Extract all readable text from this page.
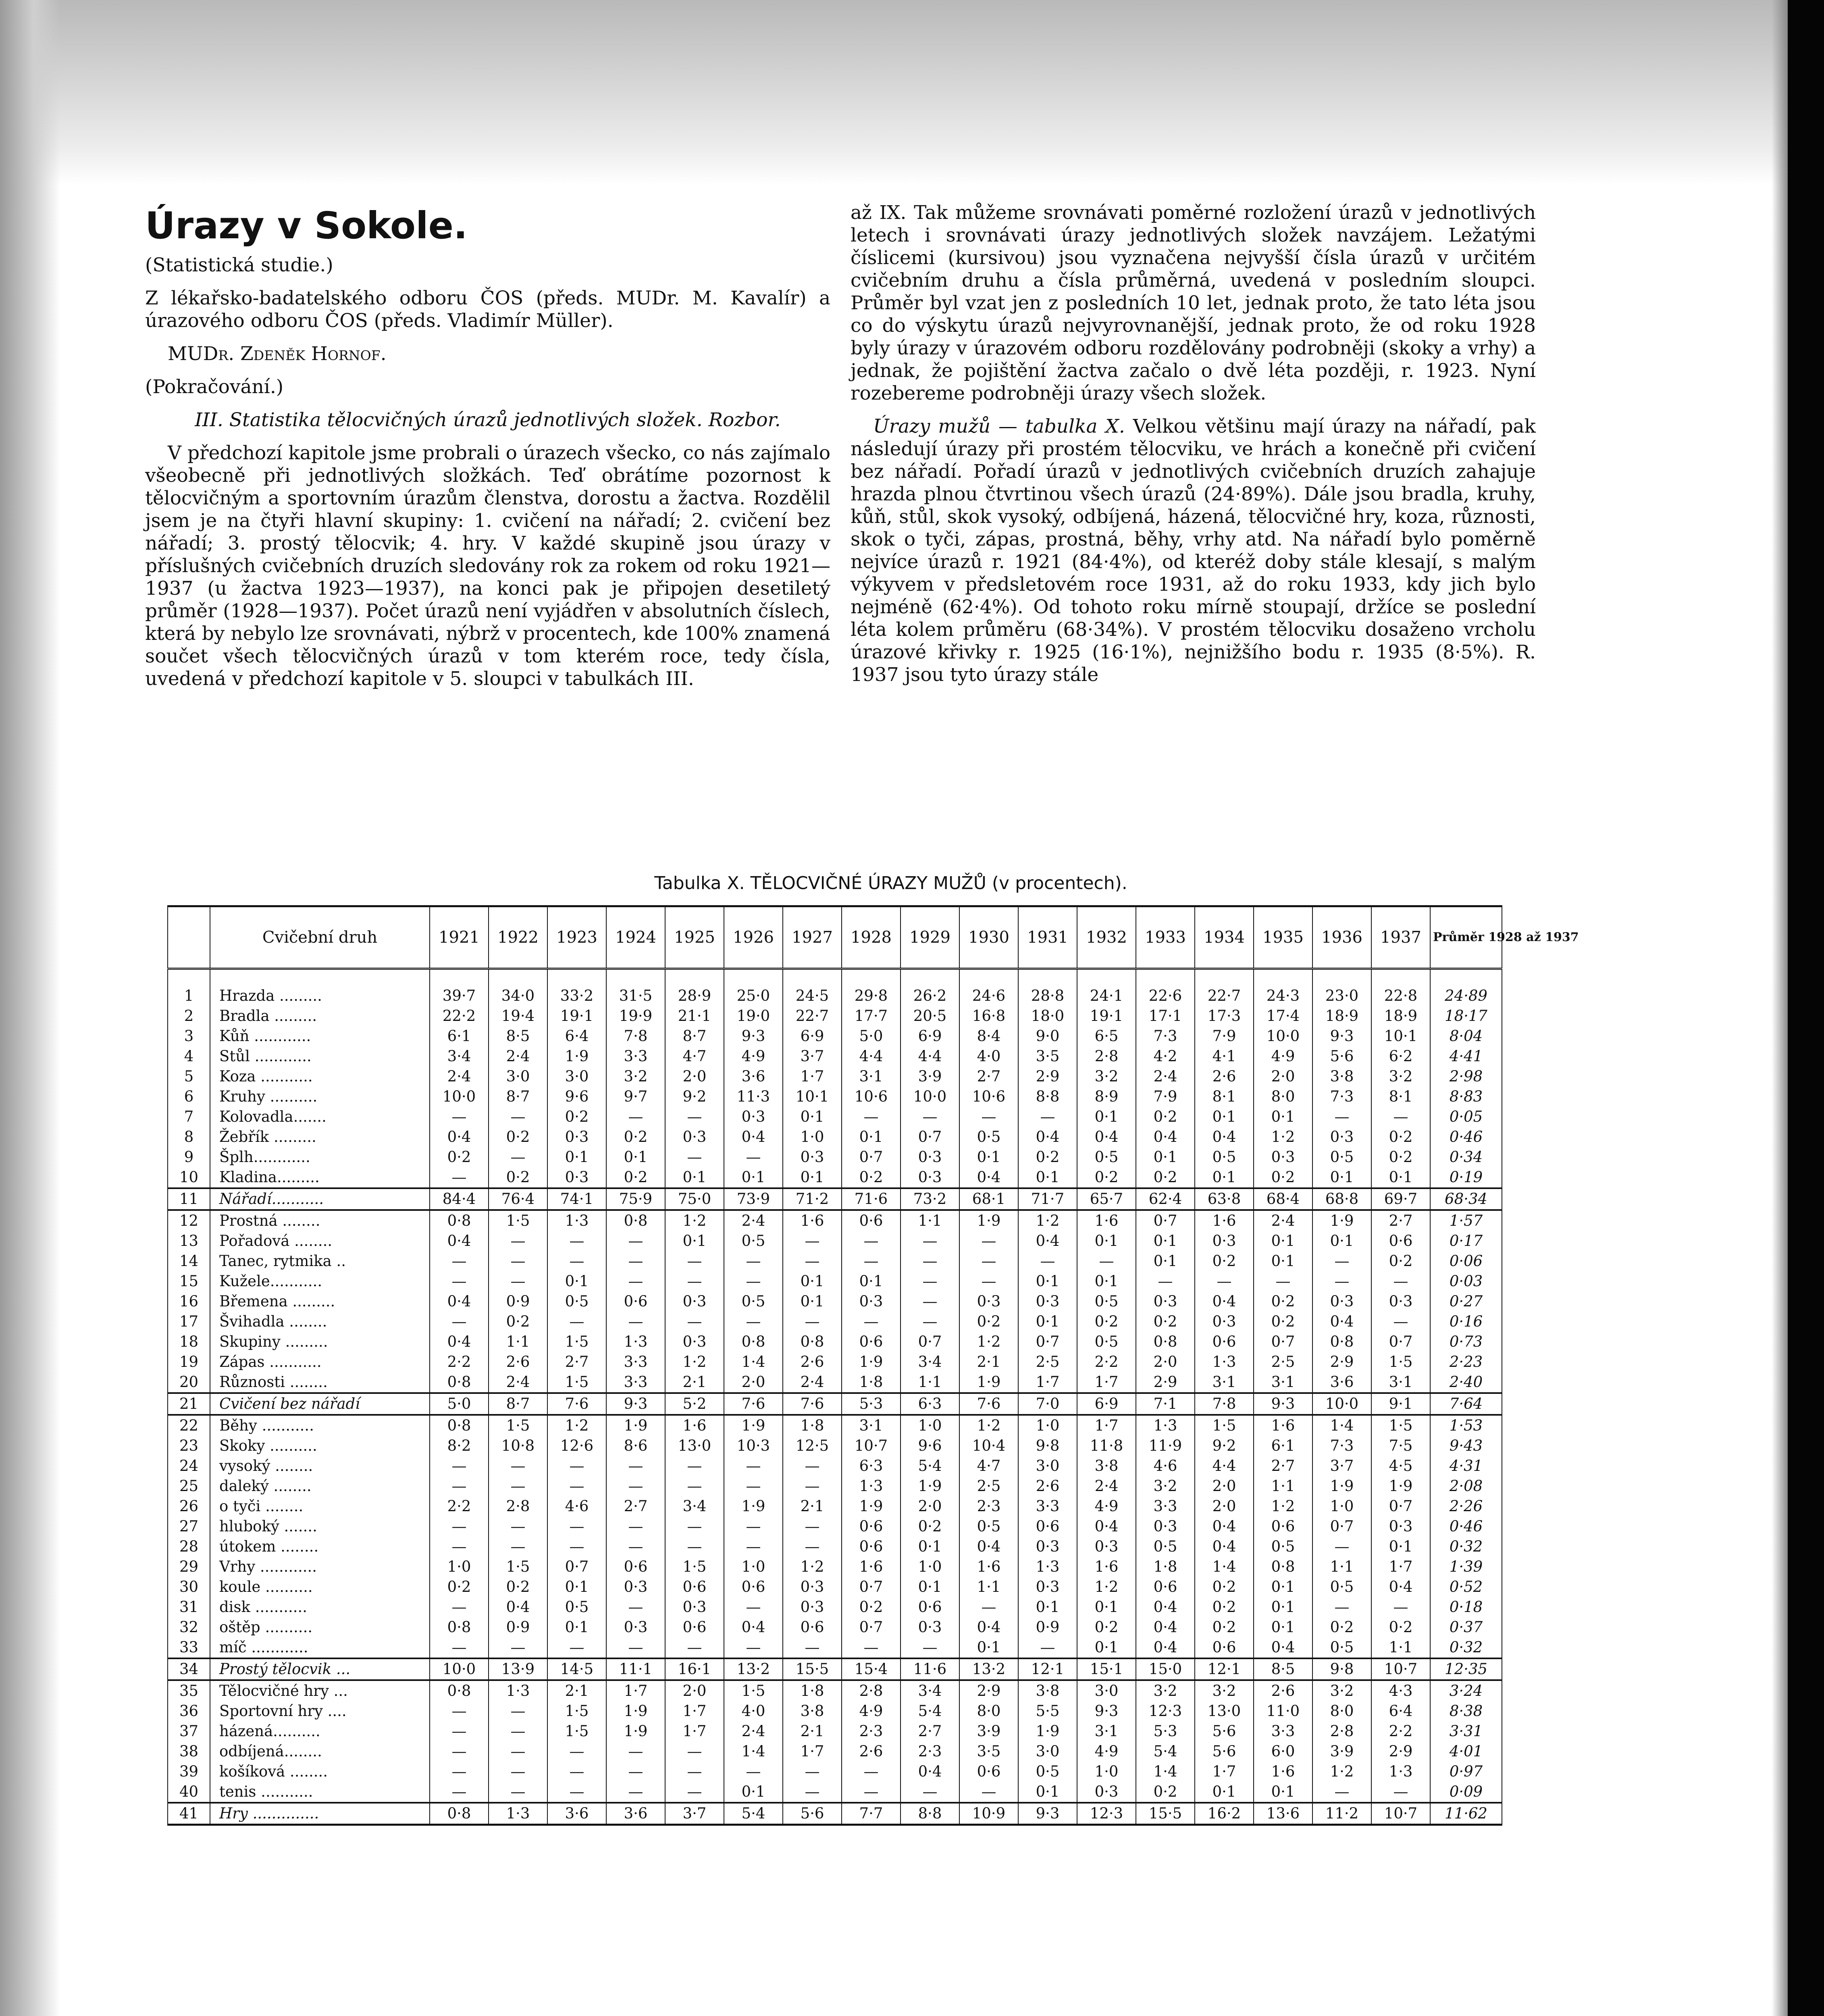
Úrazy v Sokole.

(Statistická studie.)

Z lékařsko-badatelského odboru ČOS (předs. MUDr. M. Kavalír) a úrazového odboru ČOS (předs. Vladimír Müller).

MUDr. Zdeněk Hornof.

(Pokračování.)

III. Statistika tělocvičných úrazů jednotlivých složek. Rozbor.

V předchozí kapitole jsme probrali o úrazech všecko, co nás zajímalo všeobecně při jednotlivých složkách. Teď obrátíme pozornost k tělocvičným a sportovním úrazům členstva, dorostu a žactva. Rozdělil jsem je na čtyři hlavní skupiny: 1. cvičení na nářadí; 2. cvičení bez nářadí; 3. prostý tělocvik; 4. hry. V každé skupině jsou úrazy v příslušných cvičebních druzích sledovány rok za rokem od roku 1921—1937 (u žactva 1923—1937), na konci pak je připojen desetiletý průměr (1928—1937). Počet úrazů není vyjádřen v absolutních číslech, která by nebylo lze srovnávati, nýbrž v procentech, kde 100% znamená součet všech tělocvičných úrazů v tom kterém roce, tedy čísla, uvedená v předchozí kapitole v 5. sloupci v tabulkách III.

až IX. Tak můžeme srovnávati poměrné rozložení úrazů v jednotlivých letech i srovnávati úrazy jednotlivých složek navzájem. Ležatými číslicemi (kursivou) jsou vyznačena nejvyšší čísla úrazů v určitém cvičebním druhu a čísla průměrná, uvedená v posledním sloupci. Průměr byl vzat jen z posledních 10 let, jednak proto, že tato léta jsou co do výskytu úrazů nejvyrovnanější, jednak proto, že od roku 1928 byly úrazy v úrazovém odboru rozdělovány podrobněji (skoky a vrhy) a jednak, že pojištění žactva začalo o dvě léta později, r. 1923. Nyní rozebereme podrobněji úrazy všech složek.

Úrazy mužů — tabulka X. Velkou většinu mají úrazy na nářadí, pak následují úrazy při prostém tělocviku, ve hrách a konečně při cvičení bez nářadí. Pořadí úrazů v jednotlivých cvičebních druzích zahajuje hrazda plnou čtvrtinou všech úrazů (24·89%). Dále jsou bradla, kruhy, kůň, stůl, skok vysoký, odbíjená, házená, tělocvičné hry, koza, různosti, skok o tyči, zápas, prostná, běhy, vrhy atd. Na nářadí bylo poměrně nejvíce úrazů r. 1921 (84·4%), od kteréž doby stále klesají, s malým výkyvem v předsletovém roce 1931, až do roku 1933, kdy jich bylo nejméně (62·4%). Od tohoto roku mírně stoupají, držíce se poslední léta kolem průměru (68·34%). V prostém tělocviku dosaženo vrcholu úrazové křivky r. 1925 (16·1%), nejnižšího bodu r. 1935 (8·5%). R. 1937 jsou tyto úrazy stále

Tabulka X. TĚLOCVIČNÉ ÚRAZY MUŽŮ (v procentech).
	Cvičební druh	1921	1922	1923	1924	1925	1926	1927	1928	1929	1930	1931	1932	1933	1934	1935	1936	1937	Průměr 1928 až 1937
1	Hrazda .........	39·7	34·0	33·2	31·5	28·9	25·0	24·5	29·8	26·2	24·6	28·8	24·1	22·6	22·7	24·3	23·0	22·8	24·89
2	Bradla .........	22·2	19·4	19·1	19·9	21·1	19·0	22·7	17·7	20·5	16·8	18·0	19·1	17·1	17·3	17·4	18·9	18·9	18·17
3	Kůň ............	6·1	8·5	6·4	7·8	8·7	9·3	6·9	5·0	6·9	8·4	9·0	6·5	7·3	7·9	10·0	9·3	10·1	8·04
4	Stůl ............	3·4	2·4	1·9	3·3	4·7	4·9	3·7	4·4	4·4	4·0	3·5	2·8	4·2	4·1	4·9	5·6	6·2	4·41
5	Koza ...........	2·4	3·0	3·0	3·2	2·0	3·6	1·7	3·1	3·9	2·7	2·9	3·2	2·4	2·6	2·0	3·8	3·2	2·98
6	Kruhy ..........	10·0	8·7	9·6	9·7	9·2	11·3	10·1	10·6	10·0	10·6	8·8	8·9	7·9	8·1	8·0	7·3	8·1	8·83
7	Kolovadla.......	—	—	0·2	—	—	0·3	0·1	—	—	—	—	0·1	0·2	0·1	0·1	—	—	0·05
8	Žebřík .........	0·4	0·2	0·3	0·2	0·3	0·4	1·0	0·1	0·7	0·5	0·4	0·4	0·4	0·4	1·2	0·3	0·2	0·46
9	Šplh............	0·2	—	0·1	0·1	—	—	0·3	0·7	0·3	0·1	0·2	0·5	0·1	0·5	0·3	0·5	0·2	0·34
10	Kladina.........	—	0·2	0·3	0·2	0·1	0·1	0·1	0·2	0·3	0·4	0·1	0·2	0·2	0·1	0·2	0·1	0·1	0·19
11	Nářadí...........	84·4	76·4	74·1	75·9	75·0	73·9	71·2	71·6	73·2	68·1	71·7	65·7	62·4	63·8	68·4	68·8	69·7	68·34
12	Prostná ........	0·8	1·5	1·3	0·8	1·2	2·4	1·6	0·6	1·1	1·9	1·2	1·6	0·7	1·6	2·4	1·9	2·7	1·57
13	Pořadová ........	0·4	—	—	—	0·1	0·5	—	—	—	—	0·4	0·1	0·1	0·3	0·1	0·1	0·6	0·17
14	Tanec, rytmika ..	—	—	—	—	—	—	—	—	—	—	—	—	0·1	0·2	0·1	—	0·2	0·06
15	Kužele...........	—	—	0·1	—	—	—	0·1	0·1	—	—	0·1	0·1	—	—	—	—	—	0·03
16	Břemena .........	0·4	0·9	0·5	0·6	0·3	0·5	0·1	0·3	—	0·3	0·3	0·5	0·3	0·4	0·2	0·3	0·3	0·27
17	Švihadla ........	—	0·2	—	—	—	—	—	—	—	0·2	0·1	0·2	0·2	0·3	0·2	0·4	—	0·16
18	Skupiny .........	0·4	1·1	1·5	1·3	0·3	0·8	0·8	0·6	0·7	1·2	0·7	0·5	0·8	0·6	0·7	0·8	0·7	0·73
19	Zápas ...........	2·2	2·6	2·7	3·3	1·2	1·4	2·6	1·9	3·4	2·1	2·5	2·2	2·0	1·3	2·5	2·9	1·5	2·23
20	Různosti ........	0·8	2·4	1·5	3·3	2·1	2·0	2·4	1·8	1·1	1·9	1·7	1·7	2·9	3·1	3·1	3·6	3·1	2·40
21	Cvičení bez nářadí	5·0	8·7	7·6	9·3	5·2	7·6	7·6	5·3	6·3	7·6	7·0	6·9	7·1	7·8	9·3	10·0	9·1	7·64
22	Běhy ...........	0·8	1·5	1·2	1·9	1·6	1·9	1·8	3·1	1·0	1·2	1·0	1·7	1·3	1·5	1·6	1·4	1·5	1·53
23	Skoky ..........	8·2	10·8	12·6	8·6	13·0	10·3	12·5	10·7	9·6	10·4	9·8	11·8	11·9	9·2	6·1	7·3	7·5	9·43
24	vysoký ........	—	—	—	—	—	—	—	6·3	5·4	4·7	3·0	3·8	4·6	4·4	2·7	3·7	4·5	4·31
25	daleký ........	—	—	—	—	—	—	—	1·3	1·9	2·5	2·6	2·4	3·2	2·0	1·1	1·9	1·9	2·08
26	o tyči ........	2·2	2·8	4·6	2·7	3·4	1·9	2·1	1·9	2·0	2·3	3·3	4·9	3·3	2·0	1·2	1·0	0·7	2·26
27	hluboký .......	—	—	—	—	—	—	—	0·6	0·2	0·5	0·6	0·4	0·3	0·4	0·6	0·7	0·3	0·46
28	útokem ........	—	—	—	—	—	—	—	0·6	0·1	0·4	0·3	0·3	0·5	0·4	0·5	—	0·1	0·32
29	Vrhy ............	1·0	1·5	0·7	0·6	1·5	1·0	1·2	1·6	1·0	1·6	1·3	1·6	1·8	1·4	0·8	1·1	1·7	1·39
30	koule ..........	0·2	0·2	0·1	0·3	0·6	0·6	0·3	0·7	0·1	1·1	0·3	1·2	0·6	0·2	0·1	0·5	0·4	0·52
31	disk ...........	—	0·4	0·5	—	0·3	—	0·3	0·2	0·6	—	0·1	0·1	0·4	0·2	0·1	—	—	0·18
32	oštěp ..........	0·8	0·9	0·1	0·3	0·6	0·4	0·6	0·7	0·3	0·4	0·9	0·2	0·4	0·2	0·1	0·2	0·2	0·37
33	míč ............	—	—	—	—	—	—	—	—	—	0·1	—	0·1	0·4	0·6	0·4	0·5	1·1	0·32
34	Prostý tělocvik ...	10·0	13·9	14·5	11·1	16·1	13·2	15·5	15·4	11·6	13·2	12·1	15·1	15·0	12·1	8·5	9·8	10·7	12·35
35	Tělocvičné hry ...	0·8	1·3	2·1	1·7	2·0	1·5	1·8	2·8	3·4	2·9	3·8	3·0	3·2	3·2	2·6	3·2	4·3	3·24
36	Sportovní hry ....	—	—	1·5	1·9	1·7	4·0	3·8	4·9	5·4	8·0	5·5	9·3	12·3	13·0	11·0	8·0	6·4	8·38
37	házená..........	—	—	1·5	1·9	1·7	2·4	2·1	2·3	2·7	3·9	1·9	3·1	5·3	5·6	3·3	2·8	2·2	3·31
38	odbíjená........	—	—	—	—	—	1·4	1·7	2·6	2·3	3·5	3·0	4·9	5·4	5·6	6·0	3·9	2·9	4·01
39	košíková ........	—	—	—	—	—	—	—	—	0·4	0·6	0·5	1·0	1·4	1·7	1·6	1·2	1·3	0·97
40	tenis ...........	—	—	—	—	—	0·1	—	—	—	—	0·1	0·3	0·2	0·1	0·1	—	—	0·09
41	Hry ..............	0·8	1·3	3·6	3·6	3·7	5·4	5·6	7·7	8·8	10·9	9·3	12·3	15·5	16·2	13·6	11·2	10·7	11·62
